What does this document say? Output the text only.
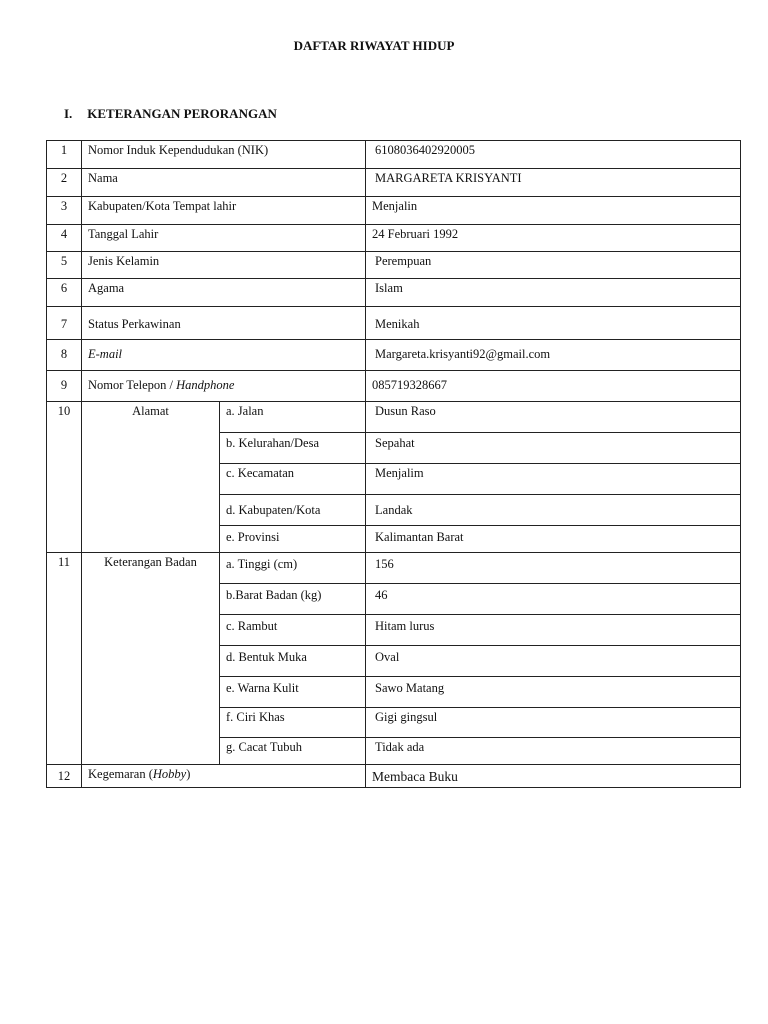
DAFTAR RIWAYAT HIDUP
I. KETERANGAN PERORANGAN
1	Nomor Induk Kependudukan (NIK)		6108036402920005
2	Nama		MARGARETA KRISYANTI
3	Kabupaten/Kota Tempat lahir		Menjalin
4	Tanggal Lahir		24 Februari 1992
5	Jenis Kelamin		Perempuan
6	Agama		Islam
7	Status Perkawinan		Menikah
8	E-mail		Margareta.krisyanti92@gmail.com
9	Nomor Telepon / Handphone		085719328667
10	Alamat	a. Jalan	Dusun Raso
		b. Kelurahan/Desa	Sepahat
		c. Kecamatan	Menjalim
		d. Kabupaten/Kota	Landak
		e. Provinsi	Kalimantan Barat
11	Keterangan Badan	a. Tinggi (cm)	156
		b.Barat Badan (kg)	46
		c. Rambut	Hitam lurus
		d. Bentuk Muka	Oval
		e. Warna Kulit	Sawo Matang
		f. Ciri Khas	Gigi gingsul
		g. Cacat Tubuh	Tidak ada
12	Kegemaran (Hobby)		Membaca Buku
